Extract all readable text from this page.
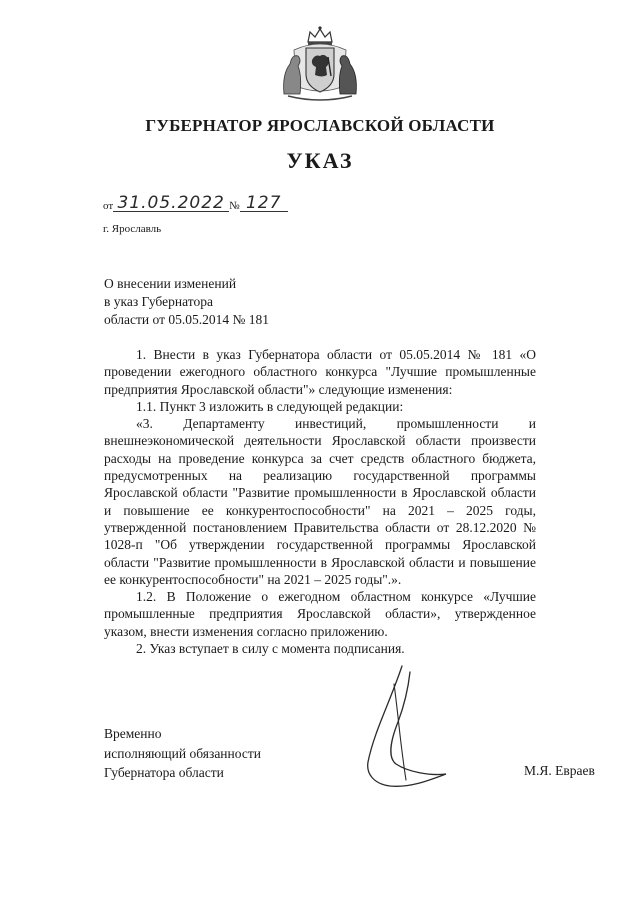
ГУБЕРНАТОР ЯРОСЛАВСКОЙ ОБЛАСТИ
УКАЗ
от 31.05.2022 № 127
г. Ярославль
О внесении изменений
в указ Губернатора
области от 05.05.2014 № 181

1. Внести в указ Губернатора области от 05.05.2014 № 181 «О проведении ежегодного областного конкурса "Лучшие промышленные предприятия Ярославской области"» следующие изменения:

1.1. Пункт 3 изложить в следующей редакции:

«3. Департаменту инвестиций, промышленности и внешнеэкономической деятельности Ярославской области произвести расходы на проведение конкурса за счет средств областного бюджета, предусмотренных на реализацию государственной программы Ярославской области "Развитие промышленности в Ярославской области и повышение ее конкурентоспособности" на 2021 – 2025 годы, утвержденной постановлением Правительства области от 28.12.2020 № 1028-п "Об утверждении государственной программы Ярославской области "Развитие промышленности в Ярославской области и повышение ее конкурентоспособности" на 2021 – 2025 годы".».

1.2. В Положение о ежегодном областном конкурсе «Лучшие промышленные предприятия Ярославской области», утвержденное указом, внести изменения согласно приложению.

2. Указ вступает в силу с момента подписания.

Временно
исполняющий обязанности
Губернатора области	М.Я. Евраев
